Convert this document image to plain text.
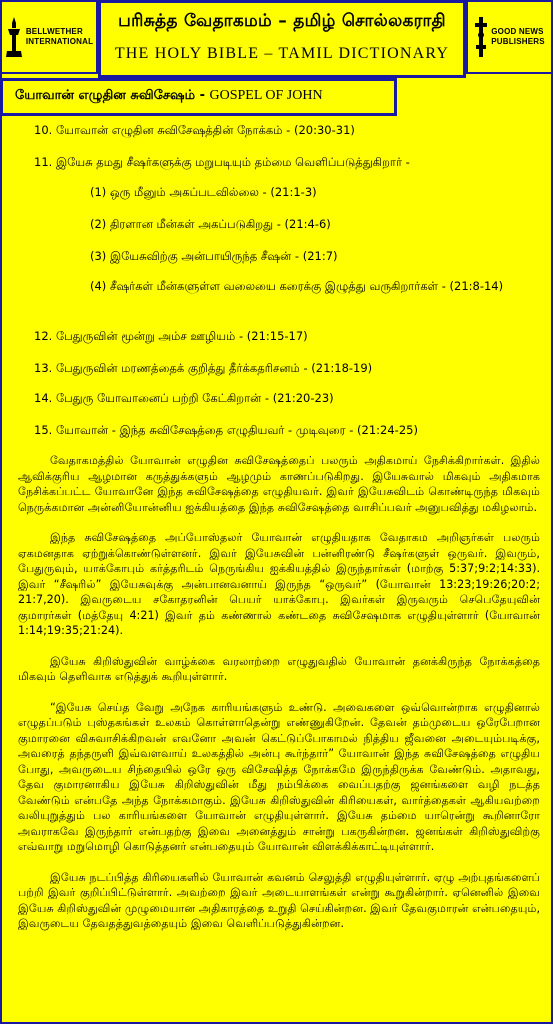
BELLWETHER
INTERNATIONAL
பரிசுத்த வேதாகமம் – தமிழ் சொல்லகராதி
THE HOLY BIBLE – TAMIL DICTIONARY
GOOD NEWS
PUBLISHERS
யோவான் எழுதின சுவிசேஷம் - GOSPEL OF JOHN
10. யோவான் எழுதின சுவிசேஷத்தின் நோக்கம் - (20:30-31)
11. இயேசு தமது சீஷர்களுக்கு மறுபடியும் தம்மை வெளிப்படுத்துகிறார் -
(1) ஒரு மீனும் அகப்படவில்லை - (21:1-3)
(2) திரளான மீன்கள் அகப்படுகிறது - (21:4-6)
(3) இயேசுவிற்கு அன்பாயிருந்த சீஷன் - (21:7)
(4) சீஷர்கள் மீன்களுள்ள வலையை கரைக்கு இழுத்து வருகிறார்கள் - (21:8-14)
12. பேதுருவின் மூன்று அம்ச ஊழியம் - (21:15-17)
13. பேதுருவின் மரணத்தைக் குறித்து தீர்க்கதரிசனம் - (21:18-19)
14. பேதுரு யோவானைப் பற்றி கேட்கிறான் - (21:20-23)
15. யோவான் - இந்த சுவிசேஷத்தை எழுதியவர் - முடிவுரை - (21:24-25)

வேதாகமத்தில் யோவான் எழுதின சுவிசேஷத்தைப் பலரும் அதிகமாய் நேசிக்கிறார்கள். இதில் ஆவிக்குரிய ஆழமான கருத்துக்களும் ஆழமும் காணப்படுகிறது. இயேசுவால் மிகவும் அதிகமாக நேசிக்கப்பட்ட யோவானே இந்த சுவிசேஷத்தை எழுதியவர். இவர் இயேசுவிடம் கொண்டிருந்த மிகவும் நெருக்கமான அன்னியோன்னிய ஐக்கியத்தை இந்த சுவிசேஷத்தை வாசிப்பவர் அனுபவித்து மகிழலாம்.

இந்த சுவிசேஷத்தை அப்போஸ்தலர் யோவான் எழுதியதாக வேதாகம அறிஞர்கள் பலரும் ஏகமனதாக ஏற்றுக்கொண்டுள்ளனர். இவர் இயேசுவின் பன்னிரண்டு சீஷர்களுள் ஒருவர். இவரும், பேதுருவும், யாக்கோபும் கர்த்தரிடம் நெருங்கிய ஐக்கியத்தில் இருந்தார்கள் (மாற்கு 5:37;9:2;14:33). இவர் “சீஷரில்” இயேசுவுக்கு அன்பானவனாய் இருந்த “ஒருவர்” (யோவான் 13:23;19:26;20:2; 21:7,20). இவருடைய சகோதரனின் பெயர் யாக்கோபு. இவர்கள் இருவரும் செபெதேயுவின் குமாரர்கள் (மத்தேயு 4:21) இவர் தம் கண்ணால் கண்டதை சுவிசேஷமாக எழுதியுள்ளார் (யோவான் 1:14;19:35;21:24).

இயேசு கிறிஸ்துவின் வாழ்க்கை வரலாற்றை எழுதுவதில் யோவான் தனக்கிருந்த நோக்கத்தை மிகவும் தெளிவாக எடுத்துக் கூறியுள்ளார்.

“இயேசு செய்த வேறு அநேக காரியங்களும் உண்டு. அவைகளை ஒவ்வொன்றாக எழுதினால் எழுதப்படும் புஸ்தகங்கள் உலகம் கொள்ளாதென்று எண்ணுகிறேன். தேவன் தம்முடைய ஒரேபேறான குமாரனை விசுவாசிக்கிறவன் எவனோ அவன் கெட்டுப்போகாமல் நித்திய ஜீவனை அடையும்படிக்கு, அவரைத் தந்தருளி இவ்வளவாய் உலகத்தில் அன்பு கூர்ந்தார்” யோவான் இந்த சுவிசேஷத்தை எழுதிய போது, அவருடைய சிந்தையில் ஒரே ஒரு விசேஷித்த நோக்கமே இருந்திருக்க வேண்டும். அதாவது, தேவ குமாரனாகிய இயேசு கிறிஸ்துவின் மீது நம்பிக்கை வைப்பதற்கு ஜனங்களை வழி நடத்த வேண்டும் என்பதே அந்த நோக்கமாகும். இயேசு கிறிஸ்துவின் கிரியைகள், வார்த்தைகள் ஆகியவற்றை வலியுறுத்தும் பல காரியங்களை யோவான் எழுதியுள்ளார். இயேசு தம்மை யாரென்று கூறினாரோ அவராகவே இருந்தார் என்பதற்கு இவை அனைத்தும் சான்று பகருகின்றன. ஜனங்கள் கிறிஸ்துவிற்கு எவ்வாறு மறுமொழி கொடுத்தனர் என்பதையும் யோவான் விளக்கிக்காட்டியுள்ளார்.

இயேசு நடப்பித்த கிரியைகளில் யோவான் கவனம் செலுத்தி எழுதியுள்ளார். ஏழு அற்புதங்களைப் பற்றி இவர் குறிப்பிட்டுள்ளார். அவற்றை இவர் அடையாளங்கள் என்று கூறுகின்றார். ஏனெனில் இவை இயேசு கிறிஸ்துவின் முழுமையான அதிகாரத்தை உறுதி செய்கின்றன. இவர் தேவகுமாரன் என்பதையும், இவருடைய தேவதத்துவத்தையும் இவை வெளிப்படுத்துகின்றன.
